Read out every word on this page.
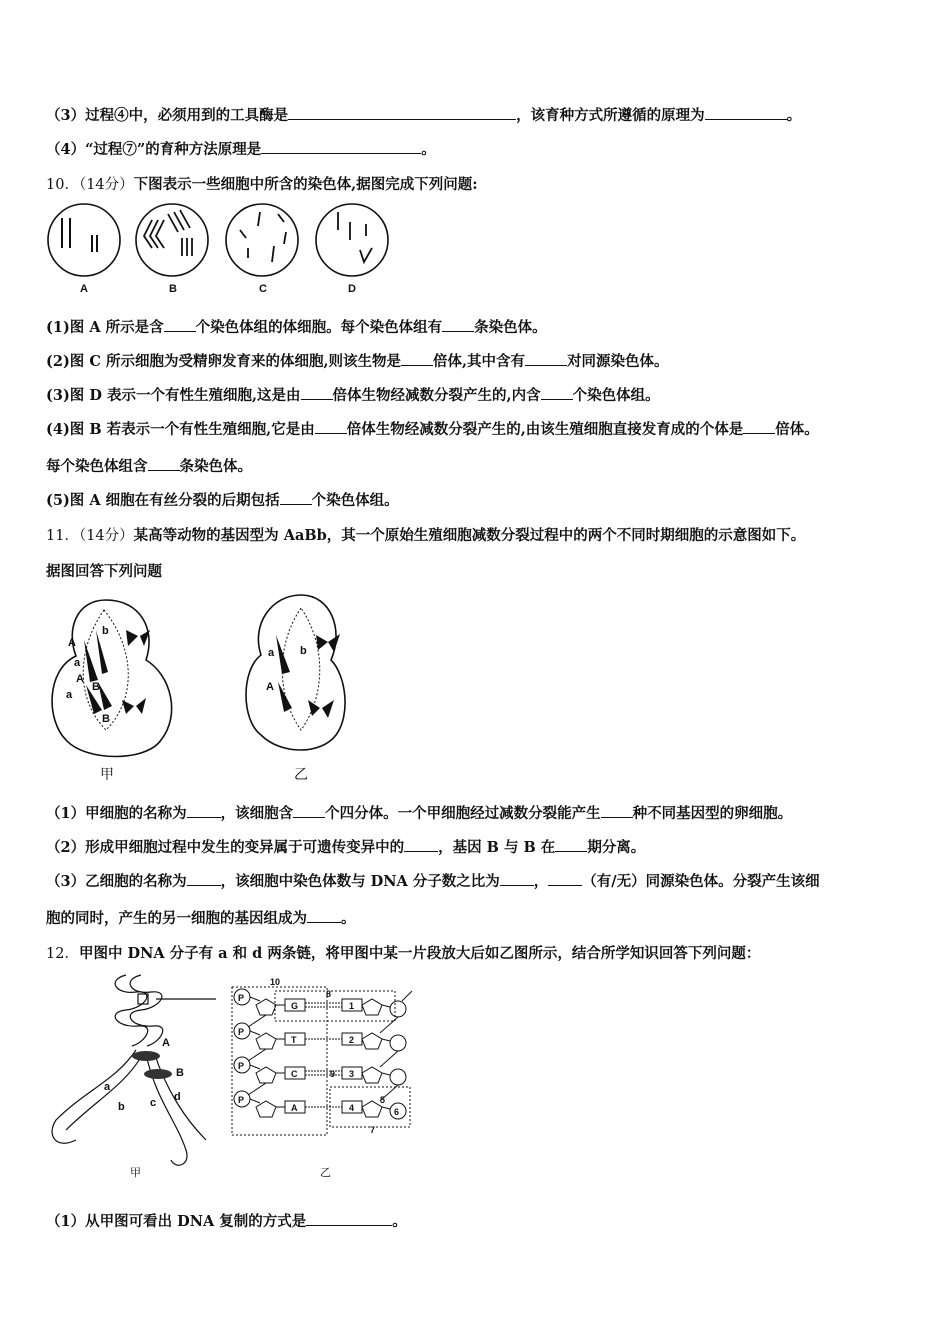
（3）过程④中，必须用到的工具酶是	，该育种方式所遵循的原理为	。
（4）“过程⑦”的育种方法原理是	。
10．（14分）下图表示一些细胞中所含的染色体,据图完成下列问题:
A	B	C	D
(1)图 A 所示是含 个染色体组的体细胞。每个染色体组有 条染色体。
(2)图 C 所示细胞为受精卵发育来的体细胞,则该生物是 倍体,其中含有	对同源染色体。
(3)图 D 表示一个有性生殖细胞,这是由 倍体生物经减数分裂产生的,内含 个染色体组。
(4)图 B 若表示一个有性生殖细胞,它是由 倍体生物经减数分裂产生的,由该生殖细胞直接发育成的个体是 倍体。
每个染色体组含 条染色体。
(5)图 A 细胞在有丝分裂的后期包括 个染色体组。
11．（14分）某高等动物的基因型为 AaBb，其一个原始生殖细胞减数分裂过程中的两个不同时期细胞的示意图如下。
据图回答下列问题
A
a
A
a
B
B
b
a
A
b
甲	乙
（1）甲细胞的名称为 ，该细胞含 个四分体。一个甲细胞经过减数分裂能产生 种不同基因型的卵细胞。
（2）形成甲细胞过程中发生的变异属于可遗传变异中的 ，基因 B 与 B 在 期分离。
（3）乙细胞的名称为 ，该细胞中染色体数与 DNA 分子数之比为 ， （有/无）同源染色体。分裂产生该细
胞的同时，产生的另一细胞的基因组成为 。
12．甲图中 DNA 分子有 a 和 d 两条链，将甲图中某一片段放大后如乙图所示，结合所学知识回答下列问题：
A
B
a
b c d
甲
P
P
P
P
G
T
C
A
1
2
3
4
5
6
7
8
9
10
乙
（1）从甲图可看出 DNA 复制的方式是	。
